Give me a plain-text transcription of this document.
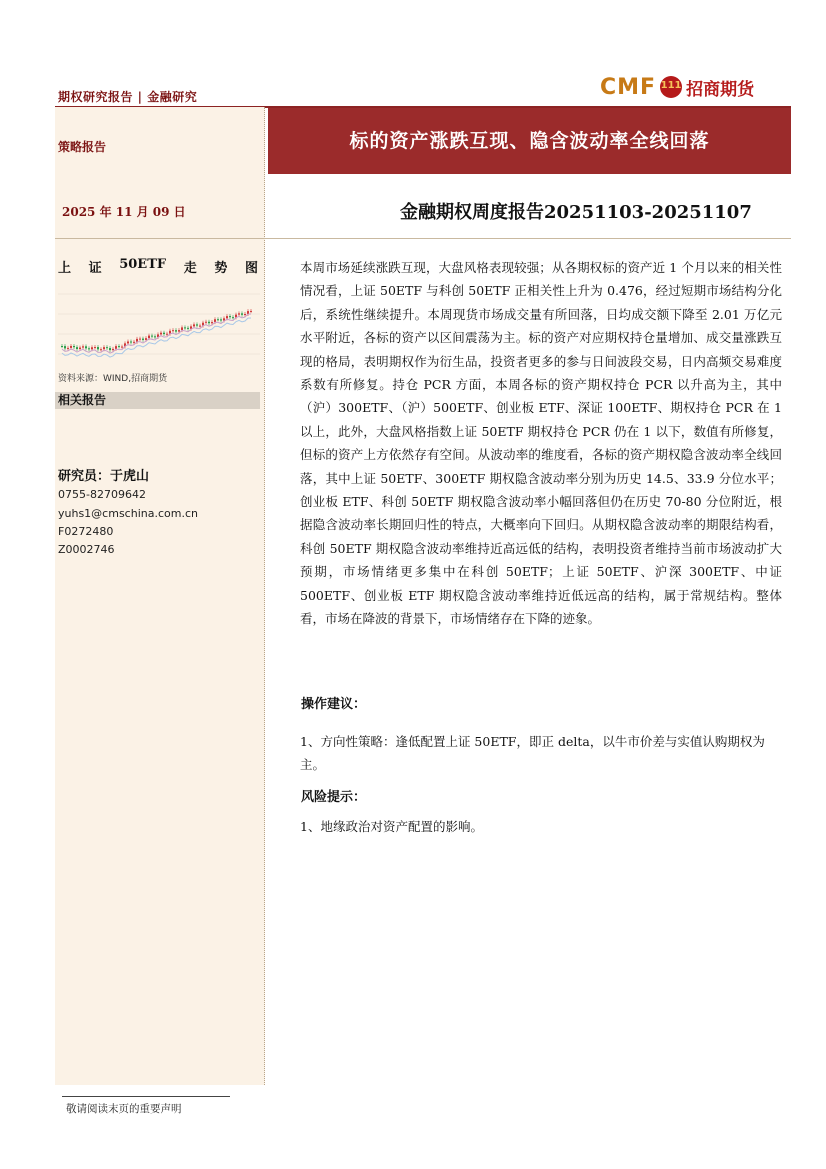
期权研究报告 | 金融研究	CMF 111 招商期货
策略报告	标的资产涨跌互现、隐含波动率全线回落
2025 年 11 月 09 日	金融期权周度报告20251103-20251107
上 证 50ETF 走 势 图
资料来源：WIND,招商期货
相关报告
研究员：于虎山
0755-82709642
yuhs1@cmschina.com.cn
F0272480
Z0002746
本周市场延续涨跌互现，大盘风格表现较强；从各期权标的资产近 1 个月以来的相关性情况看，上证 50ETF 与科创 50ETF 正相关性上升为 0.476，经过短期市场结构分化后，系统性继续提升。本周现货市场成交量有所回落，日均成交额下降至 2.01 万亿元水平附近，各标的资产以区间震荡为主。标的资产对应期权持仓量增加、成交量涨跌互现的格局，表明期权作为衍生品，投资者更多的参与日间波段交易，日内高频交易难度系数有所修复。持仓 PCR 方面，本周各标的资产期权持仓 PCR 以升高为主，其中（沪）300ETF、（沪）500ETF、创业板 ETF、深证 100ETF、期权持仓 PCR 在 1 以上，此外，大盘风格指数上证 50ETF 期权持仓 PCR 仍在 1 以下，数值有所修复，但标的资产上方依然存有空间。从波动率的维度看，各标的资产期权隐含波动率全线回落，其中上证 50ETF、300ETF 期权隐含波动率分别为历史 14.5、33.9 分位水平；创业板 ETF、科创 50ETF 期权隐含波动率小幅回落但仍在历史 70-80 分位附近，根据隐含波动率长期回归性的特点，大概率向下回归。从期权隐含波动率的期限结构看，科创 50ETF 期权隐含波动率维持近高远低的结构，表明投资者维持当前市场波动扩大预期，市场情绪更多集中在科创 50ETF；上证 50ETF、沪深 300ETF、中证 500ETF、创业板 ETF 期权隐含波动率维持近低远高的结构，属于常规结构。整体看，市场在降波的背景下，市场情绪存在下降的迹象。
操作建议：
1、方向性策略：逢低配置上证 50ETF，即正 delta，以牛市价差与实值认购期权为主。
风险提示：
1、地缘政治对资产配置的影响。
敬请阅读末页的重要声明
